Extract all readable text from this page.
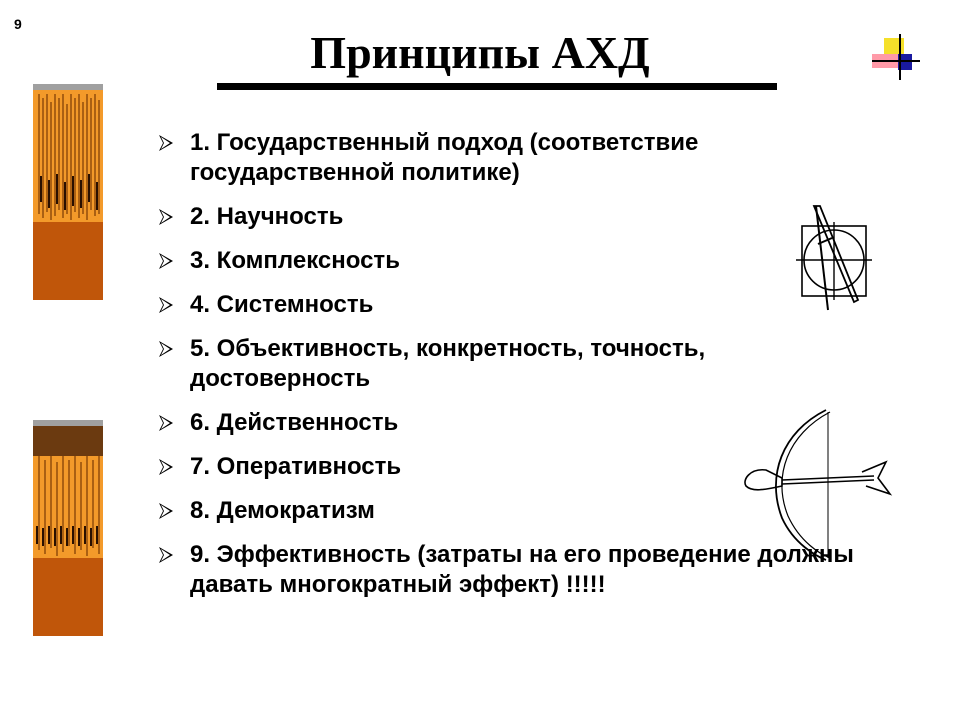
9
Принципы АХД
1. Государственный подход (соответствие государственной политике)
2. Научность
3. Комплексность
4. Системность
5. Объективность, конкретность, точность, достоверность
6. Действенность
7. Оперативность
8. Демократизм
9. Эффективность (затраты на его проведение должны давать многократный эффект) !!!!!
